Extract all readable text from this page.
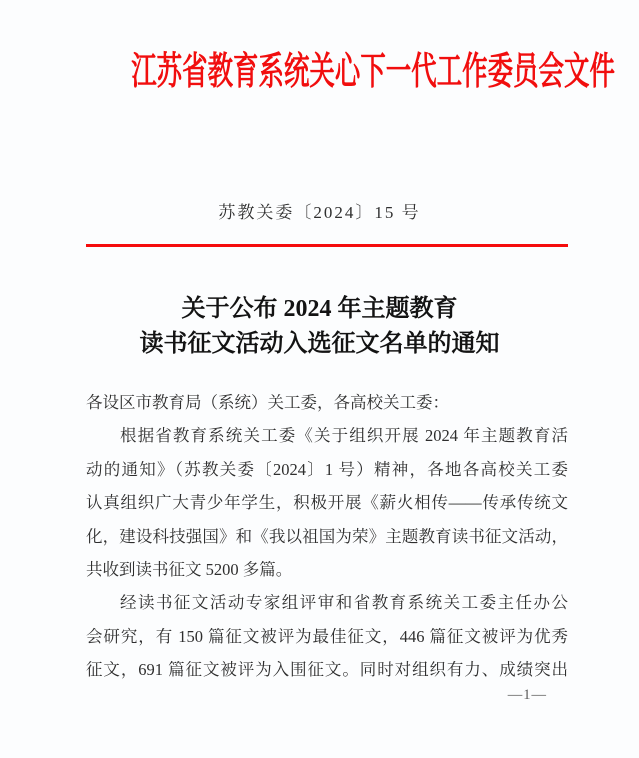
江苏省教育系统关心下一代工作委员会文件
苏教关委〔2024〕15 号
关于公布 2024 年主题教育
读书征文活动入选征文名单的通知
各设区市教育局（系统）关工委，各高校关工委：
根据省教育系统关工委《关于组织开展 2024 年主题教育活
动的通知》（苏教关委〔2024〕1 号）精神，各地各高校关工委
认真组织广大青少年学生，积极开展《薪火相传——传承传统文
化，建设科技强国》和《我以祖国为荣》主题教育读书征文活动，
共收到读书征文 5200 多篇。
经读书征文活动专家组评审和省教育系统关工委主任办公
会研究，有 150 篇征文被评为最佳征文，446 篇征文被评为优秀
征文，691 篇征文被评为入围征文。同时对组织有力、成绩突出
—1—
